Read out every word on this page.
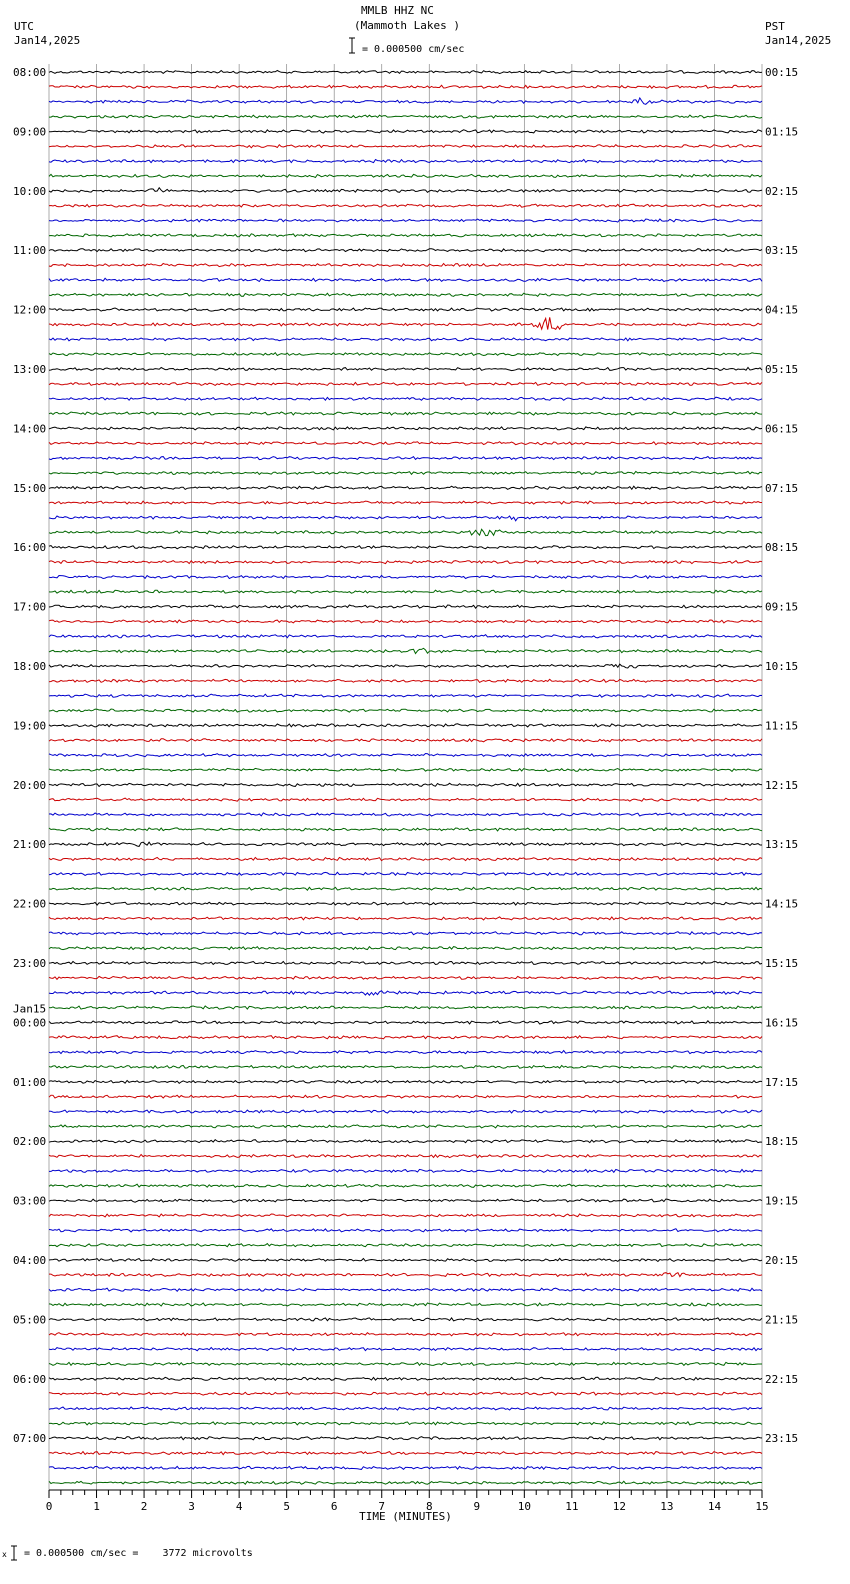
MMLB HHZ NC
(Mammoth Lakes )
UTC
Jan14,2025
PST
Jan14,2025
= 0.000500 cm/sec
x = 0.000500 cm/sec =    3772 microvolts
0	1	2	3	4	5	6	7	8	9	10	11	12	13	14	15
TIME (MINUTES)
08:00
09:00
10:00
11:00
12:00
13:00
14:00
15:00
16:00
17:00
18:00
19:00
20:00
21:00
22:00
23:00
00:00
01:00
02:00
03:00
04:00
05:00
06:00
07:00
00:15
01:15
02:15
03:15
04:15
05:15
06:15
07:15
08:15
09:15
10:15
11:15
12:15
13:15
14:15
15:15
16:15
17:15
18:15
19:15
20:15
21:15
22:15
23:15
Jan15
